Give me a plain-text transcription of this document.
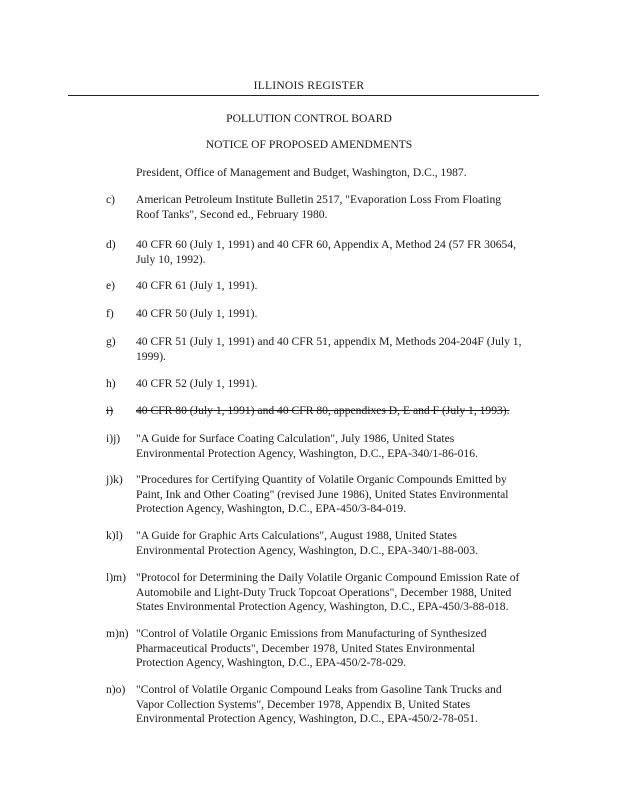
ILLINOIS REGISTER
POLLUTION CONTROL BOARD
NOTICE OF PROPOSED AMENDMENTS
President, Office of Management and Budget, Washington, D.C., 1987.
c)	American Petroleum Institute Bulletin 2517, "Evaporation Loss From Floating
Roof Tanks", Second ed., February 1980.
d)	40 CFR 60 (July 1, 1991) and 40 CFR 60, Appendix A, Method 24 (57 FR 30654,
July 10, 1992).
e)	40 CFR 61 (July 1, 1991).
f)	40 CFR 50 (July 1, 1991).
g)	40 CFR 51 (July 1, 1991) and 40 CFR 51, appendix M, Methods 204-204F (July 1,
1999).
h)	40 CFR 52 (July 1, 1991).
i)	40 CFR 80 (July 1, 1991) and 40 CFR 80, appendixes D, E and F (July 1, 1993).
i)j)	"A Guide for Surface Coating Calculation", July 1986, United States
Environmental Protection Agency, Washington, D.C., EPA-340/1-86-016.
j)k)	"Procedures for Certifying Quantity of Volatile Organic Compounds Emitted by
Paint, Ink and Other Coating" (revised June 1986), United States Environmental
Protection Agency, Washington, D.C., EPA-450/3-84-019.
k)l)	"A Guide for Graphic Arts Calculations", August 1988, United States
Environmental Protection Agency, Washington, D.C., EPA-340/1-88-003.
l)m) "Protocol for Determining the Daily Volatile Organic Compound Emission Rate of
Automobile and Light-Duty Truck Topcoat Operations", December 1988, United
States Environmental Protection Agency, Washington, D.C., EPA-450/3-88-018.
m)n) "Control of Volatile Organic Emissions from Manufacturing of Synthesized
Pharmaceutical Products", December 1978, United States Environmental
Protection Agency, Washington, D.C., EPA-450/2-78-029.
n)o) "Control of Volatile Organic Compound Leaks from Gasoline Tank Trucks and
Vapor Collection Systems", December 1978, Appendix B, United States
Environmental Protection Agency, Washington, D.C., EPA-450/2-78-051.
